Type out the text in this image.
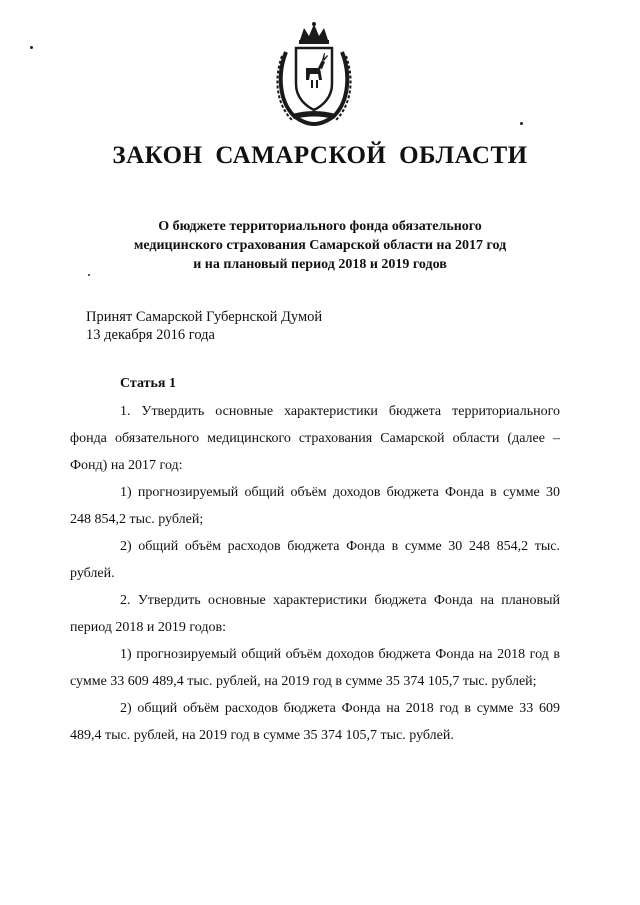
ЗАКОН САМАРСКОЙ ОБЛАСТИ
О бюджете территориального фонда обязательного
медицинского страхования Самарской области на 2017 год
и на плановый период 2018 и 2019 годов
Принят Самарской Губернской Думой
13 декабря 2016 года
Статья 1

1. Утвердить основные характеристики бюджета территориального фонда обязательного медицинского страхования Самарской области (далее – Фонд) на 2017 год:

1) прогнозируемый общий объём доходов бюджета Фонда в сумме 30 248 854,2 тыс. рублей;

2) общий объём расходов бюджета Фонда в сумме 30 248 854,2 тыс. рублей.

2. Утвердить основные характеристики бюджета Фонда на плановый период 2018 и 2019 годов:

1) прогнозируемый общий объём доходов бюджета Фонда на 2018 год в сумме 33 609 489,4 тыс. рублей, на 2019 год в сумме 35 374 105,7 тыс. рублей;

2) общий объём расходов бюджета Фонда на 2018 год в сумме 33 609 489,4 тыс. рублей, на 2019 год в сумме 35 374 105,7 тыс. рублей.
